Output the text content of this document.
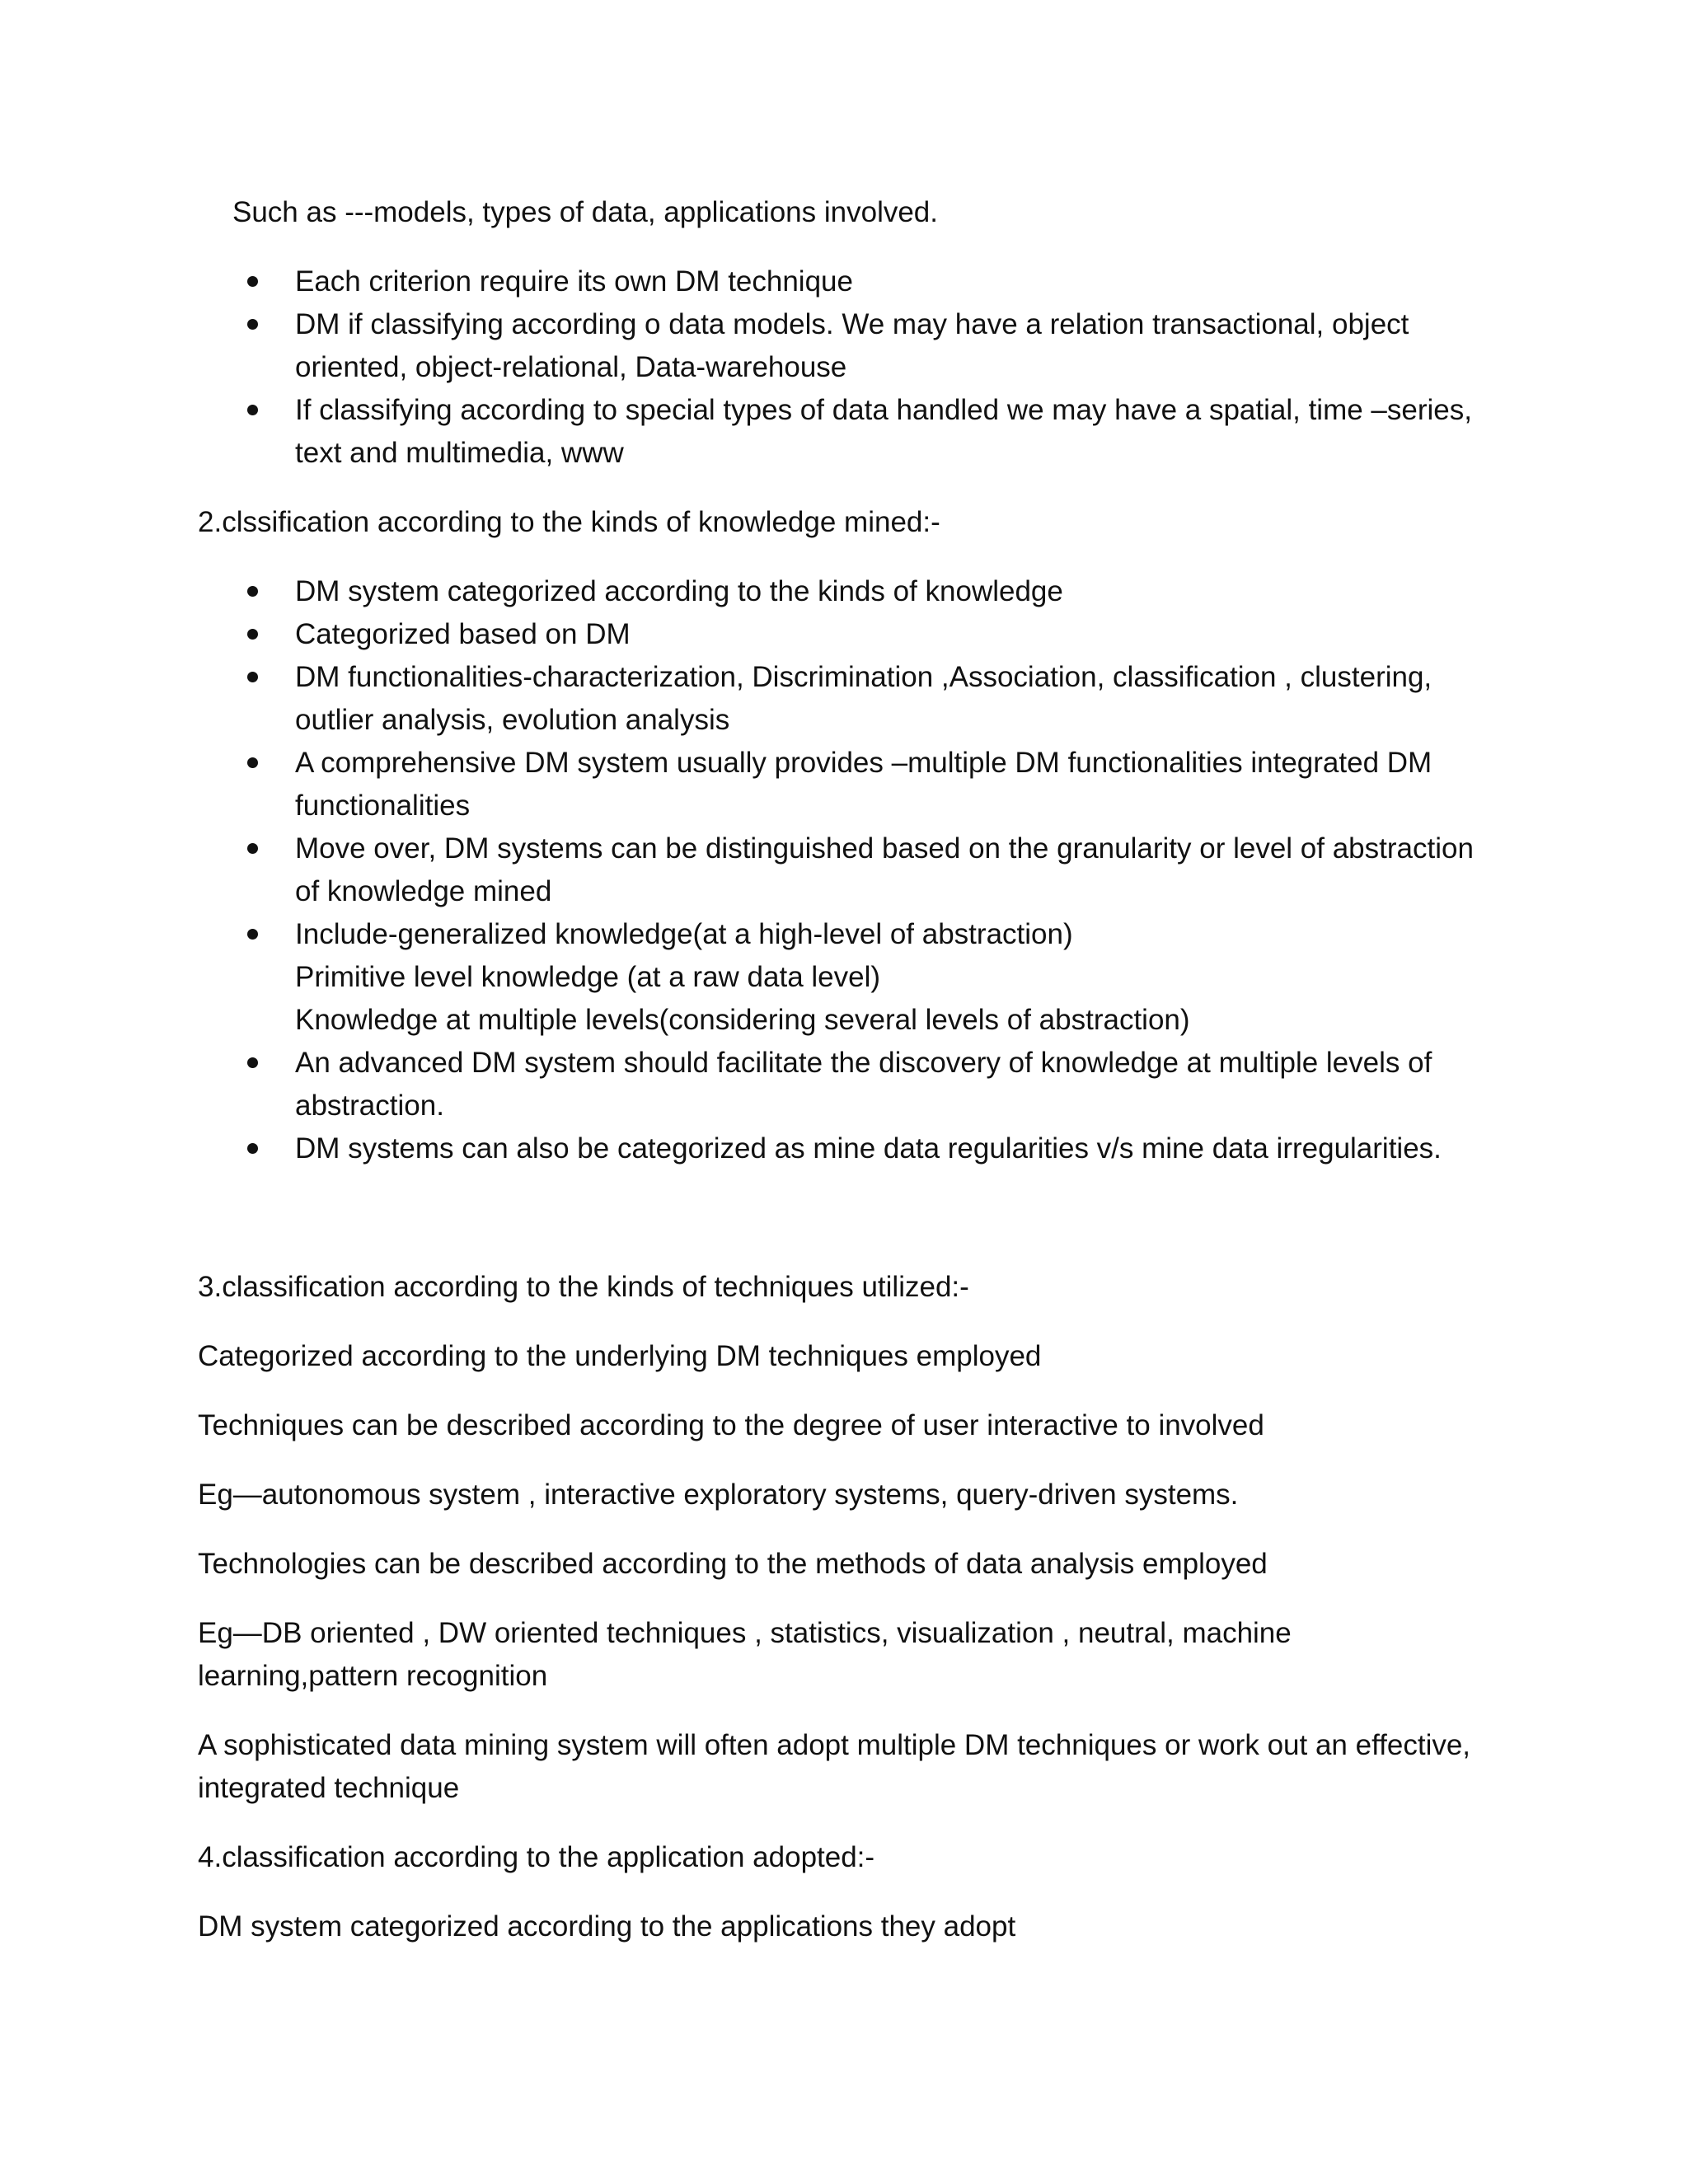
Such as ---models, types of data, applications involved.

Each criterion require its own DM technique
DM if classifying according o data models. We may have a relation transactional, object oriented, object-relational, Data-warehouse
If classifying according to special types of data handled we may have a spatial, time –series, text and multimedia, www

2.clssification according to the kinds of knowledge mined:-

DM system categorized according to the kinds of knowledge
Categorized based on DM
DM functionalities-characterization, Discrimination ,Association, classification , clustering, outlier analysis, evolution analysis
A comprehensive DM system usually provides –multiple DM functionalities integrated DM functionalities
Move over, DM systems can be distinguished based on the granularity or level of abstraction of knowledge mined
Include-generalized knowledge(at a high-level of abstraction)
Primitive level knowledge (at a raw data level)
Knowledge at multiple levels(considering several levels of abstraction)
An advanced DM system should facilitate the discovery of knowledge at multiple levels of abstraction.
DM systems can also be categorized as mine data regularities v/s mine data irregularities.

3.classification according to the kinds of techniques utilized:-

Categorized according to the underlying DM techniques employed

Techniques can be described according to the degree of user interactive to involved

Eg—autonomous system , interactive exploratory systems, query-driven systems.

Technologies can be described according to the methods of data analysis employed

Eg—DB oriented , DW oriented techniques , statistics, visualization , neutral, machine learning,pattern recognition

A sophisticated data mining system will often adopt multiple DM techniques or work out an effective, integrated technique

4.classification according to the application adopted:-

DM system categorized according to the applications they adopt
